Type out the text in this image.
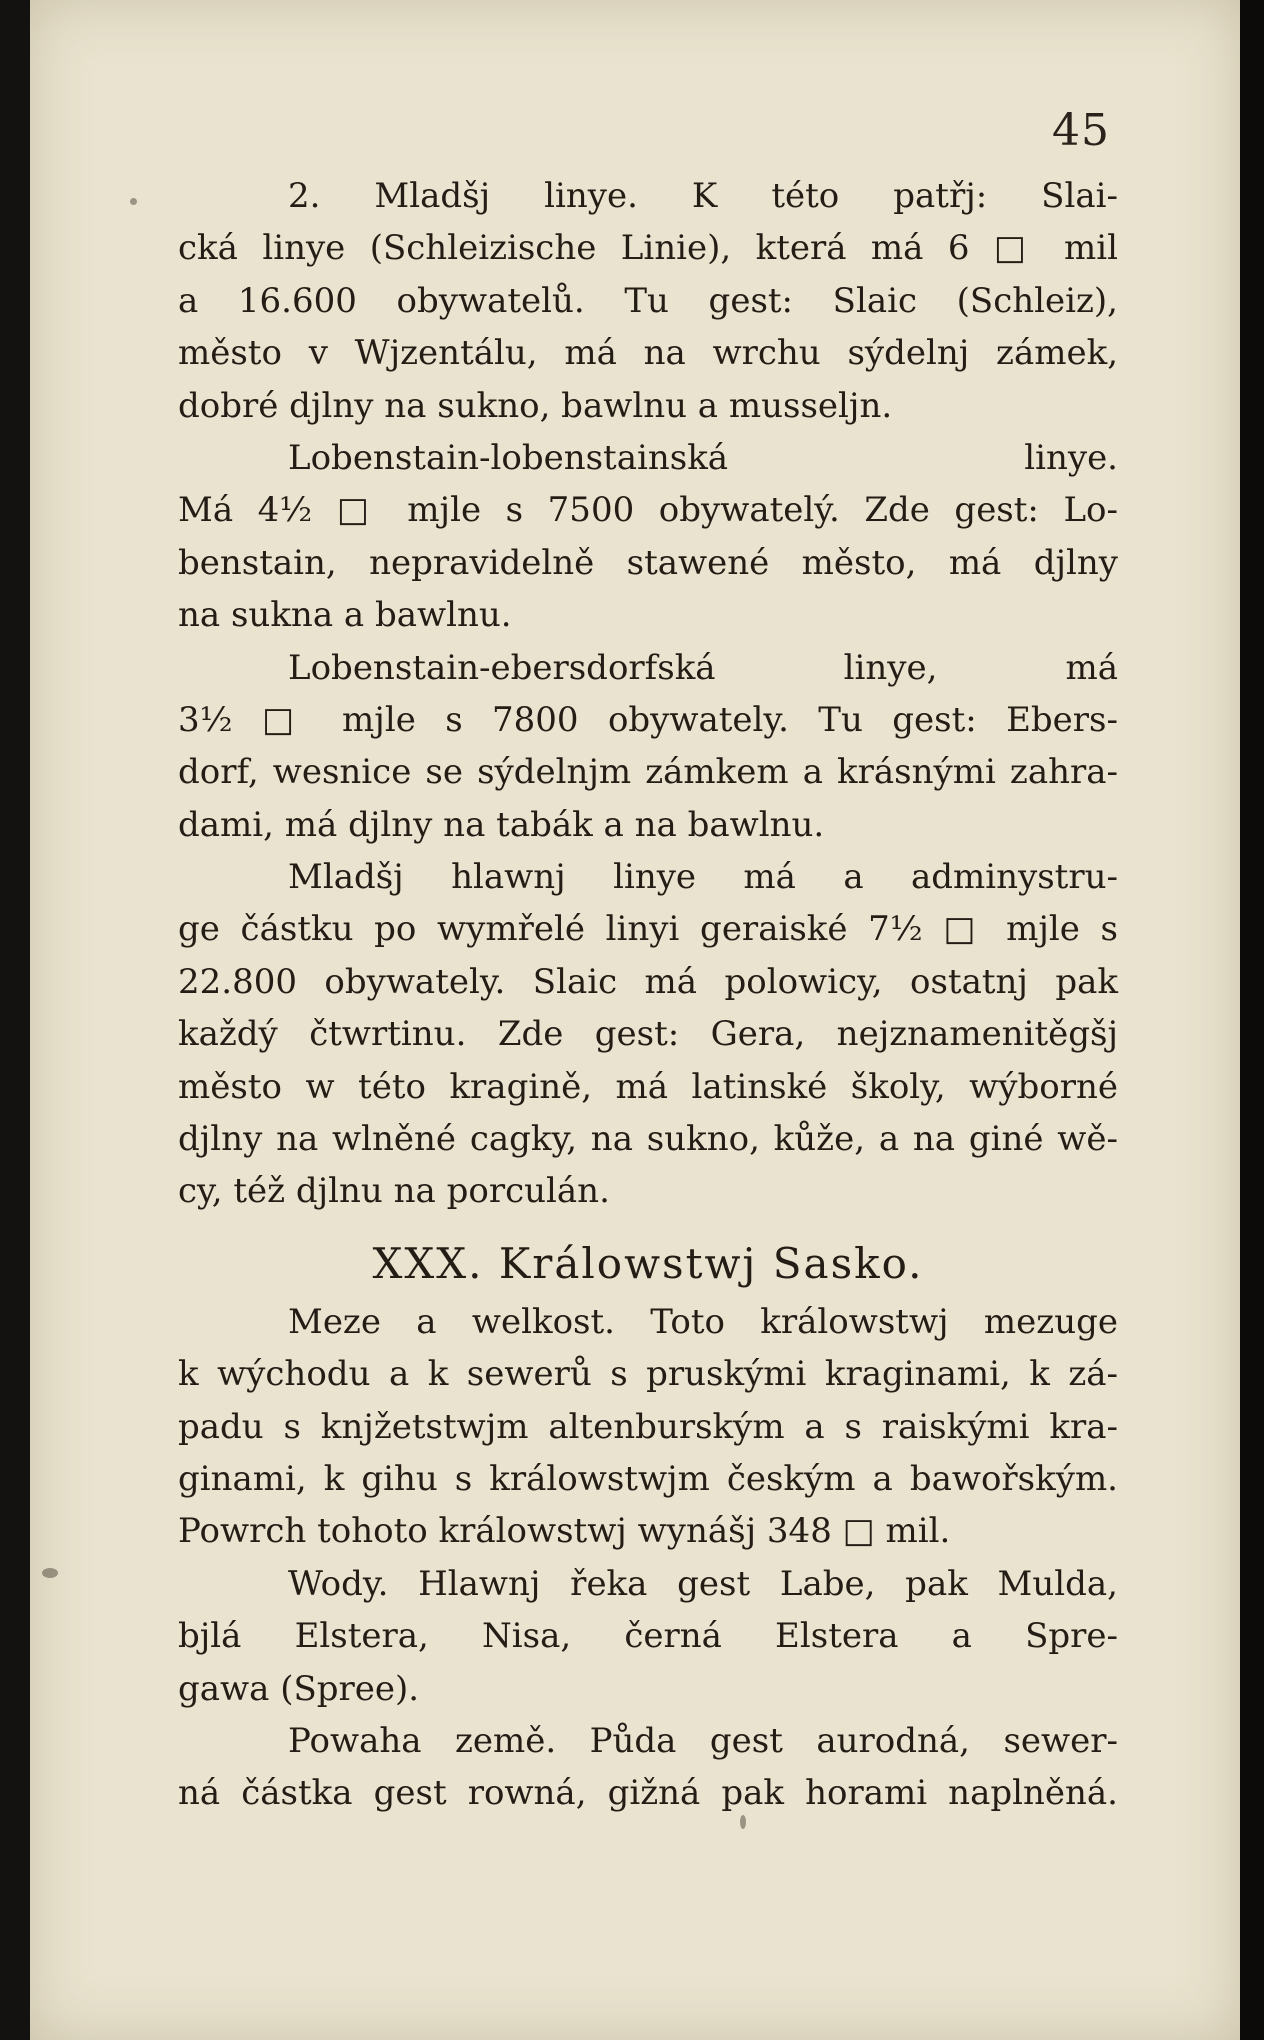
45
2. Mladšj linye. K této patřj: Slai-
cká linye (Schleizische Linie), která má 6 □ mil
a 16.600 obywatelů. Tu gest: Slaic (Schleiz),
město v Wjzentálu, má na wrchu sýdelnj zámek,
dobré djlny na sukno, bawlnu a musseljn.
Lobenstain-lobenstainská linye.
Má 4½ □ mjle s 7500 obywatelý. Zde gest: Lo-
benstain, nepravidelně stawené město, má djlny
na sukna a bawlnu.
Lobenstain-ebersdorfská linye, má
3½ □ mjle s 7800 obywately. Tu gest: Ebers-
dorf, wesnice se sýdelnjm zámkem a krásnými zahra-
dami, má djlny na tabák a na bawlnu.
Mladšj hlawnj linye má a adminystru-
ge částku po wymřelé linyi geraiské 7½ □ mjle s
22.800 obywately. Slaic má polowicy, ostatnj pak
každý čtwrtinu. Zde gest: Gera, nejznamenitěgšj
město w této kragině, má latinské školy, wýborné
djlny na wlněné cagky, na sukno, kůže, a na giné wě-
cy, též djlnu na porculán.
XXX. Králowstwj Sasko.
Meze a welkost. Toto králowstwj mezuge
k wýchodu a k sewerů s pruskými kraginami, k zá-
padu s knjžetstwjm altenburským a s raiskými kra-
ginami, k gihu s králowstwjm českým a bawořským.
Powrch tohoto králowstwj wynášj 348 □ mil.
Wody. Hlawnj řeka gest Labe, pak Mulda,
bjlá Elstera, Nisa, černá Elstera a Spre-
gawa (Spree).
Powaha země. Půda gest aurodná, sewer-
ná částka gest rowná, gižná pak horami naplněná.
